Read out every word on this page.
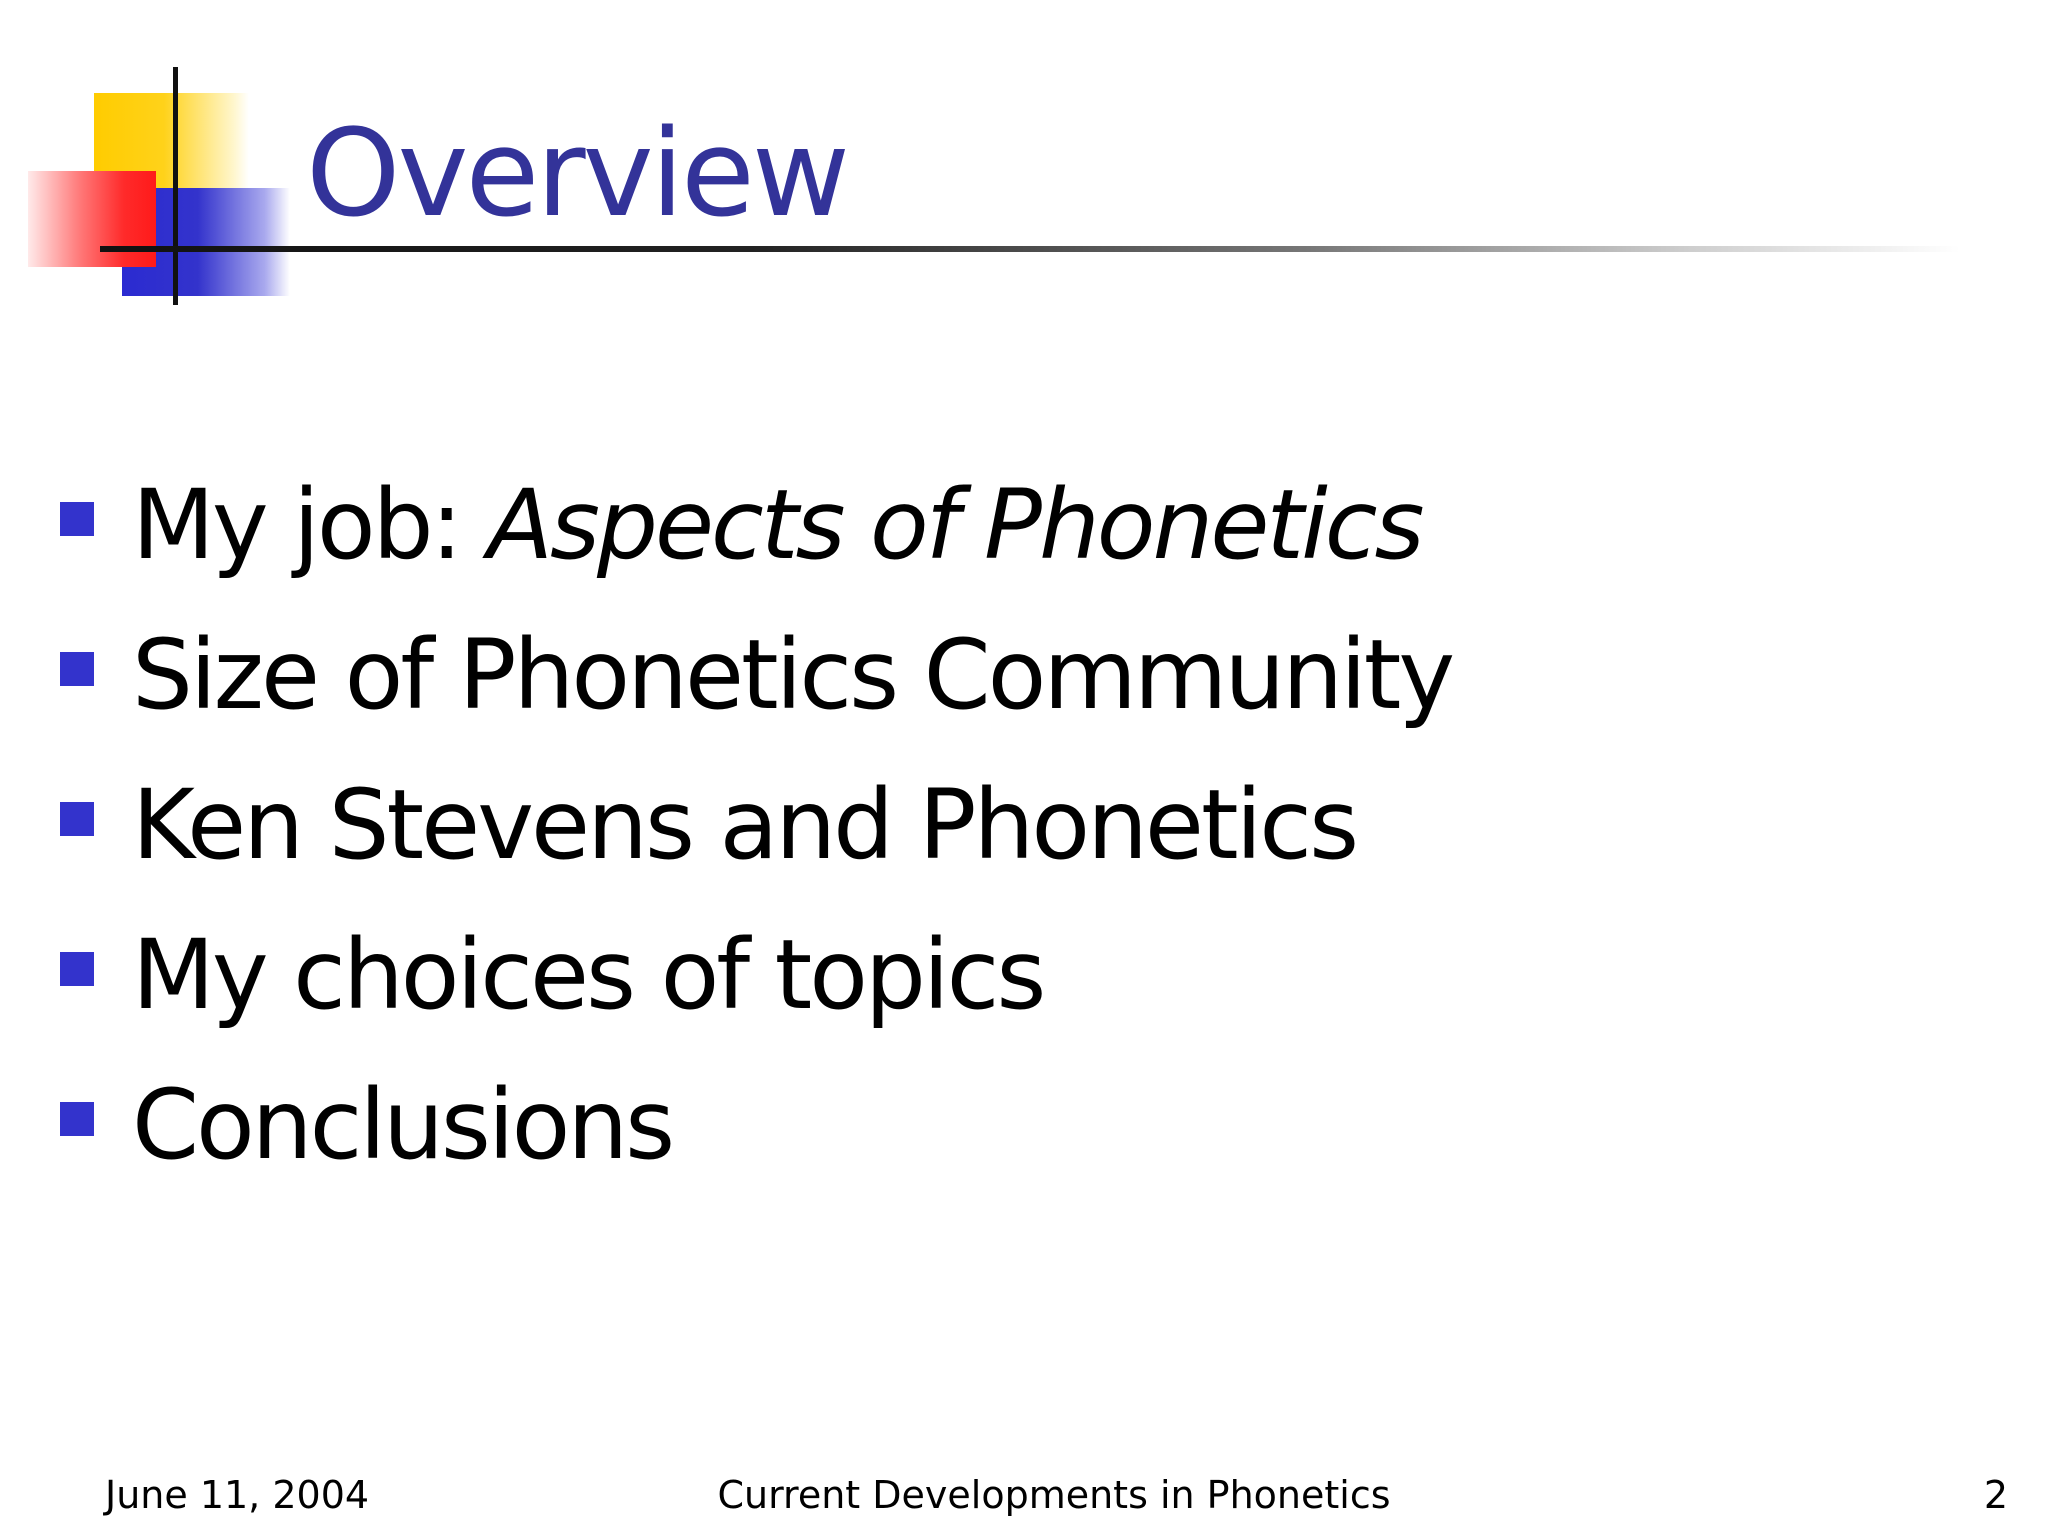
Overview
My job: Aspects of Phonetics
Size of Phonetics Community
Ken Stevens and Phonetics
My choices of topics
Conclusions
June 11, 2004	Current Developments in Phonetics	2
